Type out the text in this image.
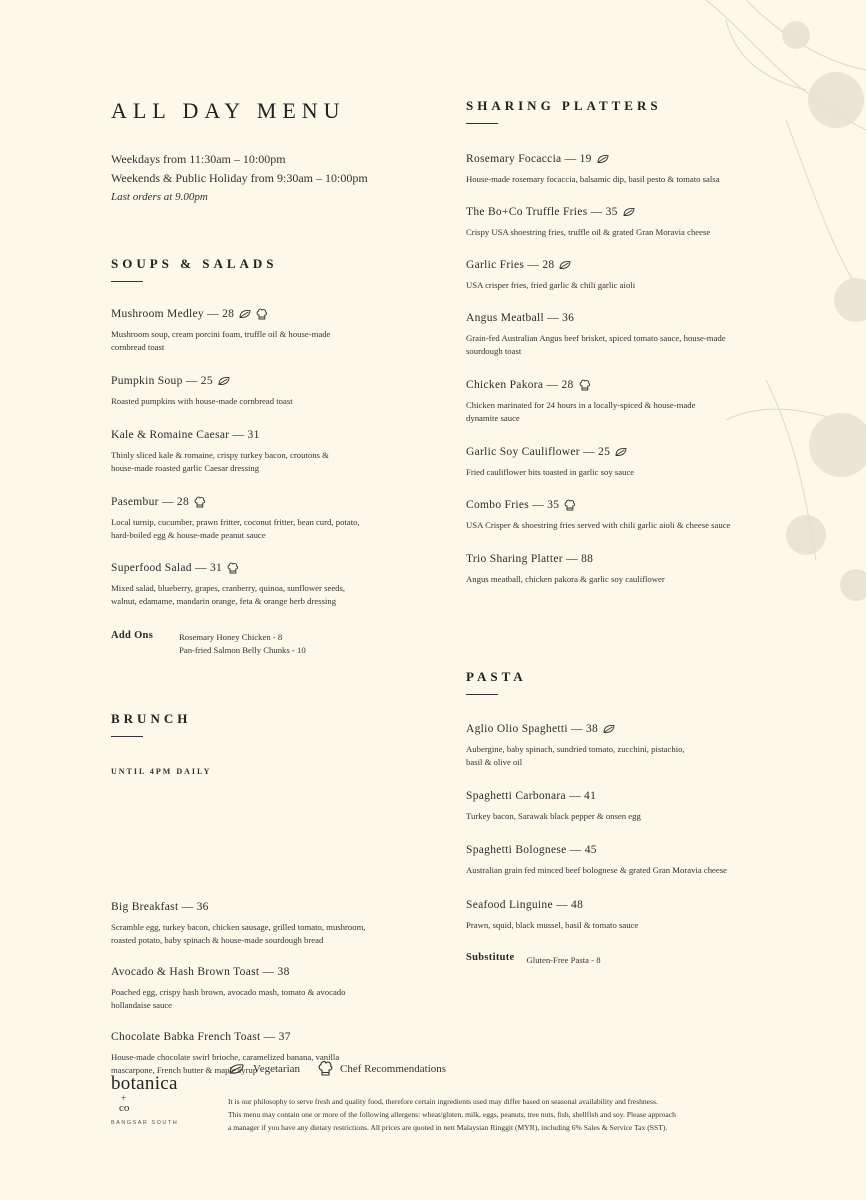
ALL DAY MENU
Weekdays from 11:30am – 10:00pm
Weekends & Public Holiday from 9:30am – 10:00pm
Last orders at 9.00pm
SOUPS & SALADS
Mushroom Medley — 28
Mushroom soup, cream porcini foam, truffle oil & house-made
cornbread toast
Pumpkin Soup — 25
Roasted pumpkins with house-made cornbread toast
Kale & Romaine Caesar — 31
Thinly sliced kale & romaine, crispy turkey bacon, croutons &
house-made roasted garlic Caesar dressing
Pasembur — 28
Local turnip, cucumber, prawn fritter, coconut fritter, bean curd, potato,
hard-boiled egg & house-made peanut sauce
Superfood Salad — 31
Mixed salad, blueberry, grapes, cranberry, quinoa, sunflower seeds,
walnut, edamame, mandarin orange, feta & orange herb dressing
Add Ons	Rosemary Honey Chicken - 8
Pan-fried Salmon Belly Chunks - 10
BRUNCH
UNTIL 4PM DAILY
Big Breakfast — 36
Scramble egg, turkey bacon, chicken sausage, grilled tomato, mushroom,
roasted potato, baby spinach & house-made sourdough bread
Avocado & Hash Brown Toast — 38
Poached egg, crispy hash brown, avocado mash, tomato & avocado
hollandaise sauce
Chocolate Babka French Toast — 37
House-made chocolate swirl brioche, caramelized banana, vanilla
mascarpone, French butter & maple syrup
SHARING PLATTERS
Rosemary Focaccia — 19
House-made rosemary focaccia, balsamic dip, basil pesto & tomato salsa
The Bo+Co Truffle Fries — 35
Crispy USA shoestring fries, truffle oil & grated Gran Moravia cheese
Garlic Fries — 28
USA crisper fries, fried garlic & chili garlic aioli
Angus Meatball — 36
Grain-fed Australian Angus beef brisket, spiced tomato sauce, house-made
sourdough toast
Chicken Pakora — 28
Chicken marinated for 24 hours in a locally-spiced & house-made
dynamite sauce
Garlic Soy Cauliflower — 25
Fried cauliflower bits toasted in garlic soy sauce
Combo Fries — 35
USA Crisper & shoestring fries served with chili garlic aioli & cheese sauce
Trio Sharing Platter — 88
Angus meatball, chicken pakora & garlic soy cauliflower
PASTA
Aglio Olio Spaghetti — 38
Aubergine, baby spinach, sundried tomato, zucchini, pistachio,
basil & olive oil
Spaghetti Carbonara — 41
Turkey bacon, Sarawak black pepper & onsen egg
Spaghetti Bolognese — 45
Australian grain fed minced beef bolognese & grated Gran Moravia cheese
Seafood Linguine — 48
Prawn, squid, black mussel, basil & tomato sauce
Substitute Gluten-Free Pasta - 8
botanica
+
co
BANGSAR SOUTH
Vegetarian	Chef Recommendations
It is our philosophy to serve fresh and quality food, therefore certain ingredients used may differ based on seasonal availability and freshness.
This menu may contain one or more of the following allergens: wheat/gluten, milk, eggs, peanuts, tree nuts, fish, shellfish and soy. Please approach
a manager if you have any dietary restrictions. All prices are quoted in nett Malaysian Ringgit (MYR), including 6% Sales & Service Tax (SST).
